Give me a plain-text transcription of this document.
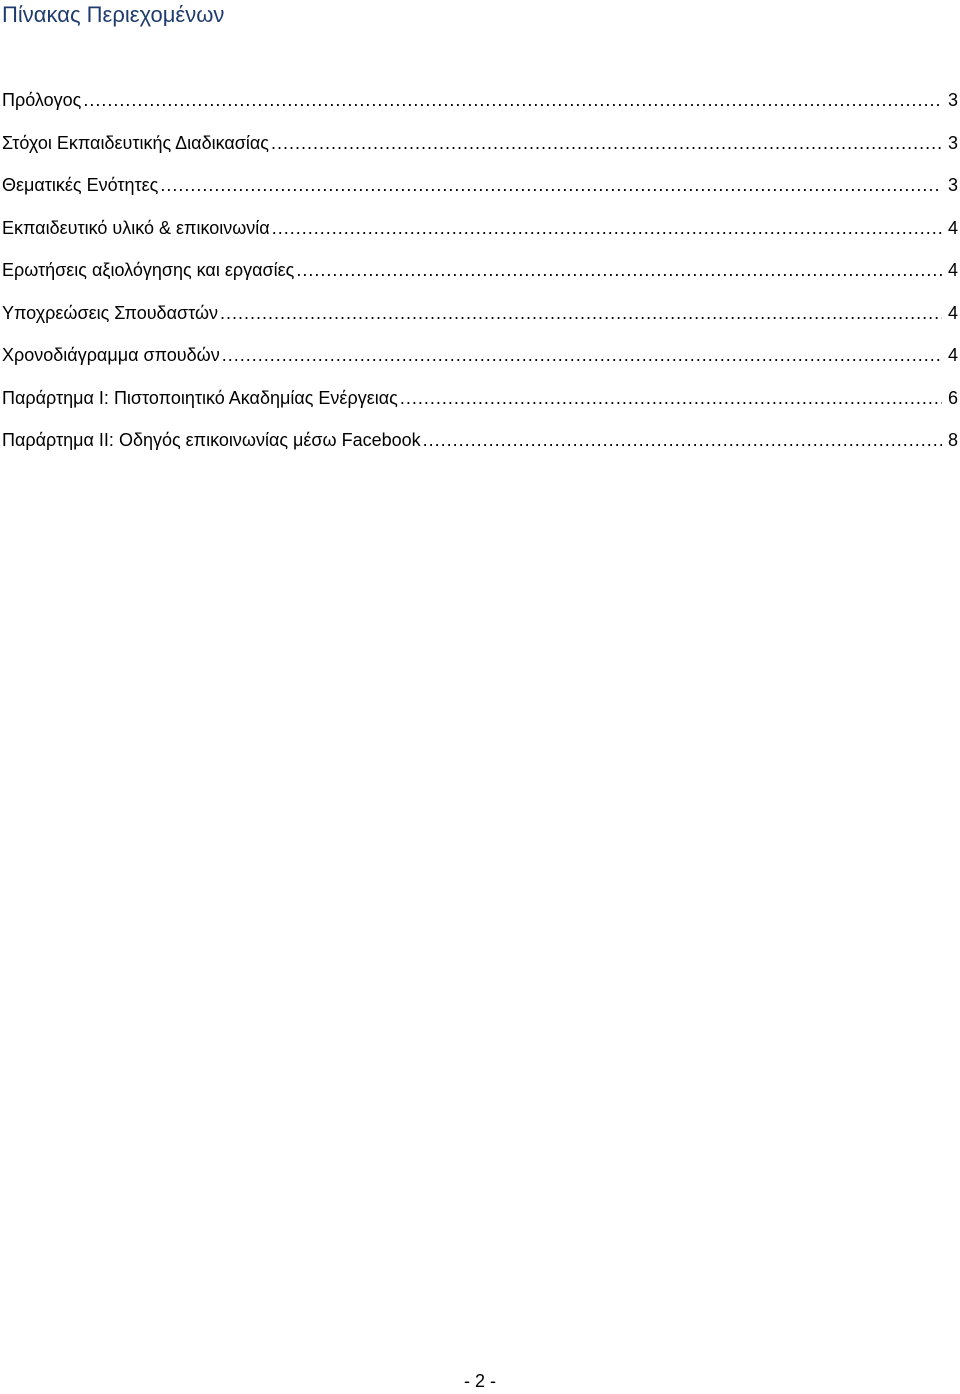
Πίνακας Περιεχομένων
Πρόλογος .....	3
Στόχοι Εκπαιδευτικής Διαδικασίας .....	3
Θεματικές Ενότητες .....	3
Εκπαιδευτικό υλικό & επικοινωνία .....	4
Ερωτήσεις αξιολόγησης και εργασίες .....	4
Υποχρεώσεις Σπουδαστών .....	4
Χρονοδιάγραμμα σπουδών .....	4
Παράρτημα Ι: Πιστοποιητικό Ακαδημίας Ενέργειας .....	6
Παράρτημα ΙΙ: Οδηγός επικοινωνίας μέσω Facebook .....	8
- 2 -
